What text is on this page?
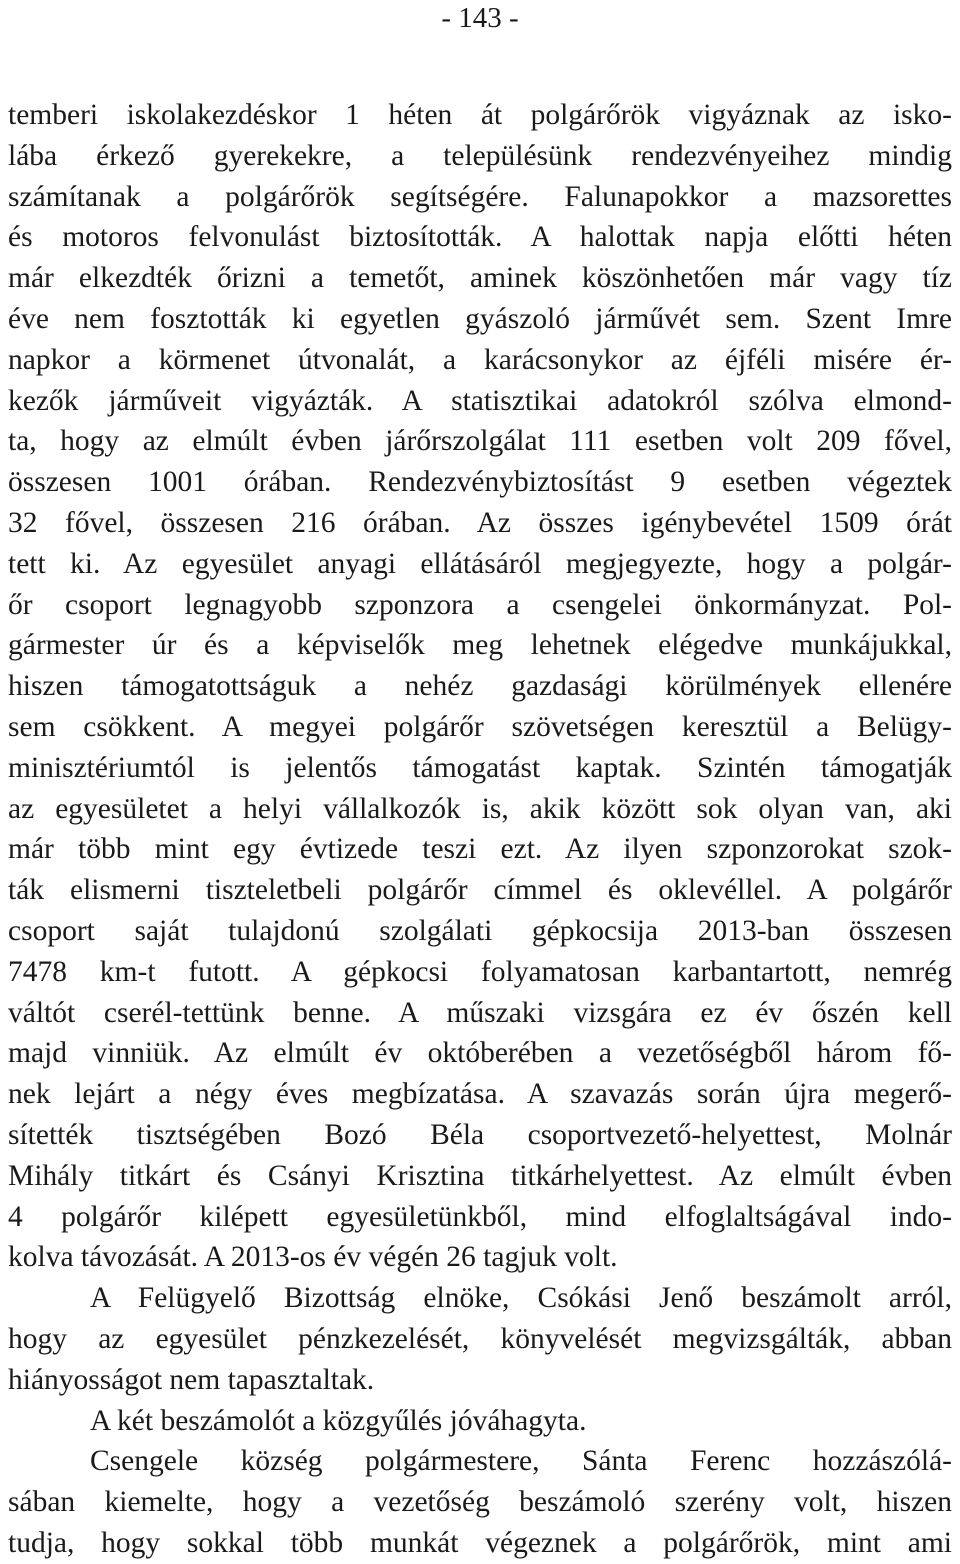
- 143 -
temberi iskolakezdéskor 1 héten át polgárőrök vigyáznak az isko-
lába érkező gyerekekre, a településünk rendezvényeihez mindig
számítanak a polgárőrök segítségére. Falunapokkor a mazsorettes
és motoros felvonulást biztosították. A halottak napja előtti héten
már elkezdték őrizni a temetőt, aminek köszönhetően már vagy tíz
éve nem fosztották ki egyetlen gyászoló járművét sem. Szent Imre
napkor a körmenet útvonalát, a karácsonykor az éjféli misére ér-
kezők járműveit vigyázták. A statisztikai adatokról szólva elmond-
ta, hogy az elmúlt évben járőrszolgálat 111 esetben volt 209 fővel,
összesen 1001 órában. Rendezvénybiztosítást 9 esetben végeztek
32 fővel, összesen 216 órában. Az összes igénybevétel 1509 órát
tett ki. Az egyesület anyagi ellátásáról megjegyezte, hogy a polgár-
őr csoport legnagyobb szponzora a csengelei önkormányzat. Pol-
gármester úr és a képviselők meg lehetnek elégedve munkájukkal,
hiszen támogatottságuk a nehéz gazdasági körülmények ellenére
sem csökkent. A megyei polgárőr szövetségen keresztül a Belügy-
minisztériumtól is jelentős támogatást kaptak. Szintén támogatják
az egyesületet a helyi vállalkozók is, akik között sok olyan van, aki
már több mint egy évtizede teszi ezt. Az ilyen szponzorokat szok-
ták elismerni tiszteletbeli polgárőr címmel és oklevéllel. A polgárőr
csoport saját tulajdonú szolgálati gépkocsija 2013-ban összesen
7478 km-t futott. A gépkocsi folyamatosan karbantartott, nemrég
váltót cserél-tettünk benne. A műszaki vizsgára ez év őszén kell
majd vinniük. Az elmúlt év októberében a vezetőségből három fő-
nek lejárt a négy éves megbízatása. A szavazás során újra megerő-
sítették tisztségében Bozó Béla csoportvezető-helyettest, Molnár
Mihály titkárt és Csányi Krisztina titkárhelyettest. Az elmúlt évben
4 polgárőr kilépett egyesületünkből, mind elfoglaltságával indo-
kolva távozását. A 2013-os év végén 26 tagjuk volt.
A Felügyelő Bizottság elnöke, Csókási Jenő beszámolt arról,
hogy az egyesület pénzkezelését, könyvelését megvizsgálták, abban
hiányosságot nem tapasztaltak.
A két beszámolót a közgyűlés jóváhagyta.
Csengele község polgármestere, Sánta Ferenc hozzászólá-
sában kiemelte, hogy a vezetőség beszámoló szerény volt, hiszen
tudja, hogy sokkal több munkát végeznek a polgárőrök, mint ami
